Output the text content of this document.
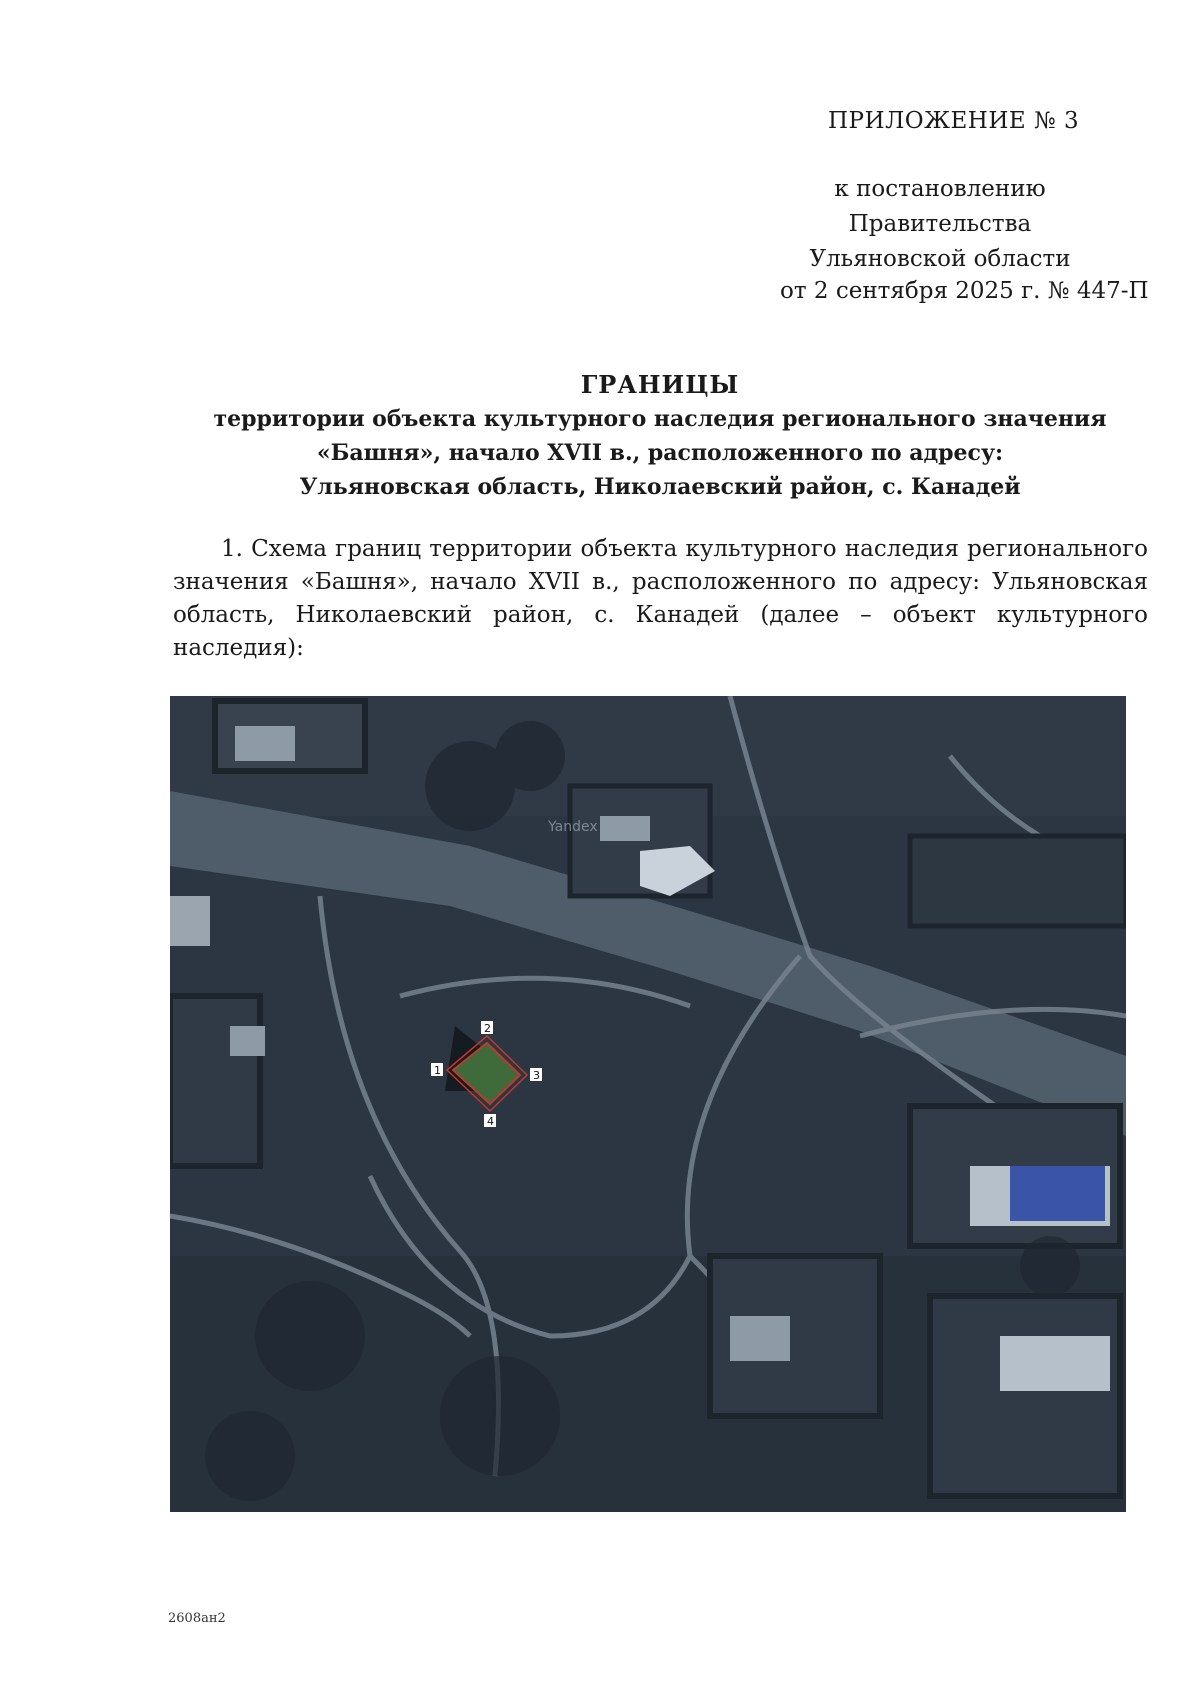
ПРИЛОЖЕНИЕ № 3
к постановлению Правительства
Ульяновской области
от 2 сентября 2025 г. № 447-П
ГРАНИЦЫ
территории объекта культурного наследия регионального значения
«Башня», начало XVII в., расположенного по адресу:
Ульяновская область, Николаевский район, с. Канадей
1. Схема границ территории объекта культурного наследия регионального значения «Башня», начало XVII в., расположенного по адресу: Ульяновская область, Николаевский район, с. Канадей (далее – объект культурного наследия):
1
2
3
4
Yandex
2608ан2
